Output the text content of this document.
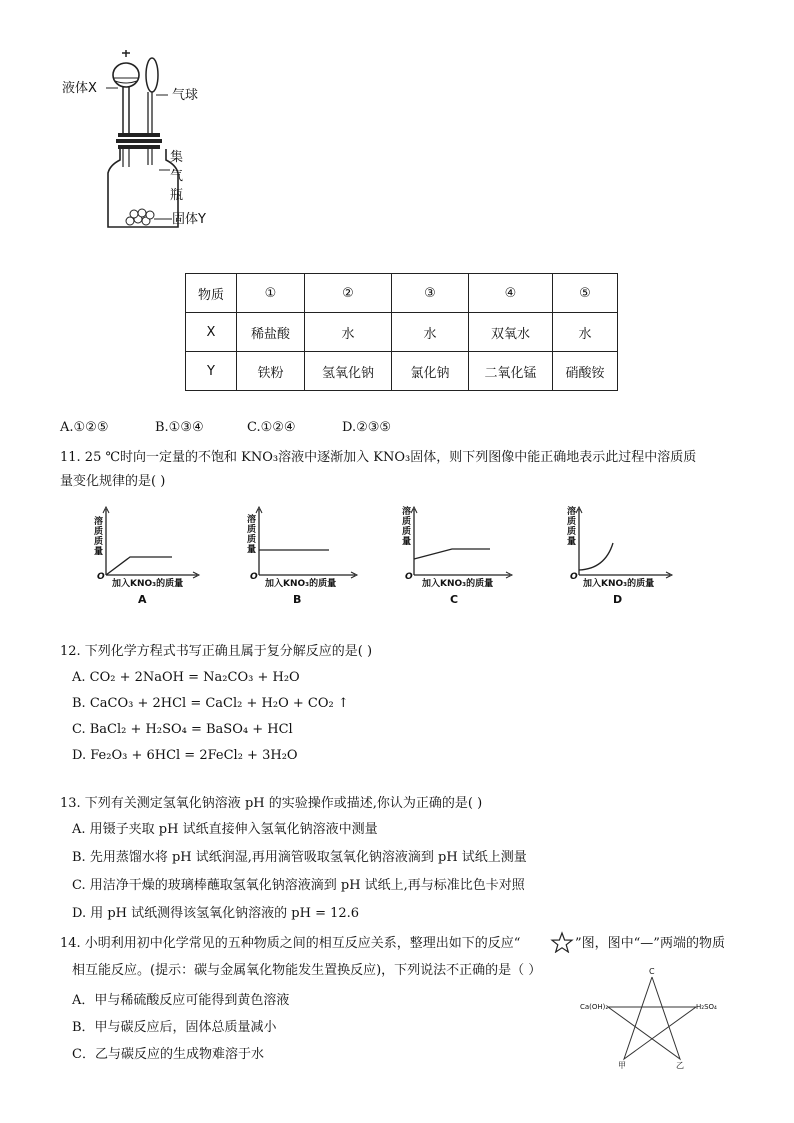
液体X	气球
集
气
瓶
固体Y
物质	①	②	③	④	⑤
X	稀盐酸	水	水	双氧水	水
Y	铁粉	氢氧化钠	氯化钠	二氧化锰	硝酸铵
A.①②⑤	B.①③④	C.①②④	D.②③⑤
11. 25 ℃时向一定量的不饱和 KNO₃溶液中逐渐加入 KNO₃固体，则下列图像中能正确地表示此过程中溶质质
量变化规律的是( )
溶质质量
O
加入KNO₃的质量
A
溶质质量
O
加入KNO₃的质量
B
溶质质量
O
加入KNO₃的质量
C
溶质质量
O
加入KNO₃的质量
D
12. 下列化学方程式书写正确且属于复分解反应的是( )
A. CO₂ + 2NaOH = Na₂CO₃ + H₂O
B. CaCO₃ + 2HCl = CaCl₂ + H₂O + CO₂ ↑
C. BaCl₂ + H₂SO₄ = BaSO₄ + HCl
D. Fe₂O₃ + 6HCl = 2FeCl₂ + 3H₂O
13. 下列有关测定氢氧化钠溶液 pH 的实验操作或描述,你认为正确的是( )
A. 用镊子夹取 pH 试纸直接伸入氢氧化钠溶液中测量
B. 先用蒸馏水将 pH 试纸润湿,再用滴管吸取氢氧化钠溶液滴到 pH 试纸上测量
C. 用洁净干燥的玻璃棒蘸取氢氧化钠溶液滴到 pH 试纸上,再与标准比色卡对照
D. 用 pH 试纸测得该氢氧化钠溶液的 pH = 12.6
14. 小明利用初中化学常见的五种物质之间的相互反应关系，整理出如下的反应“	”图，图中“—”两端的物质
相互能反应。(提示：碳与金属氧化物能发生置换反应)，下列说法不正确的是（ ）
A．甲与稀硫酸反应可能得到黄色溶液
B．甲与碳反应后，固体总质量减小
C．乙与碳反应的生成物难溶于水
C
Ca(OH)₂	H₂SO₄
甲	乙
